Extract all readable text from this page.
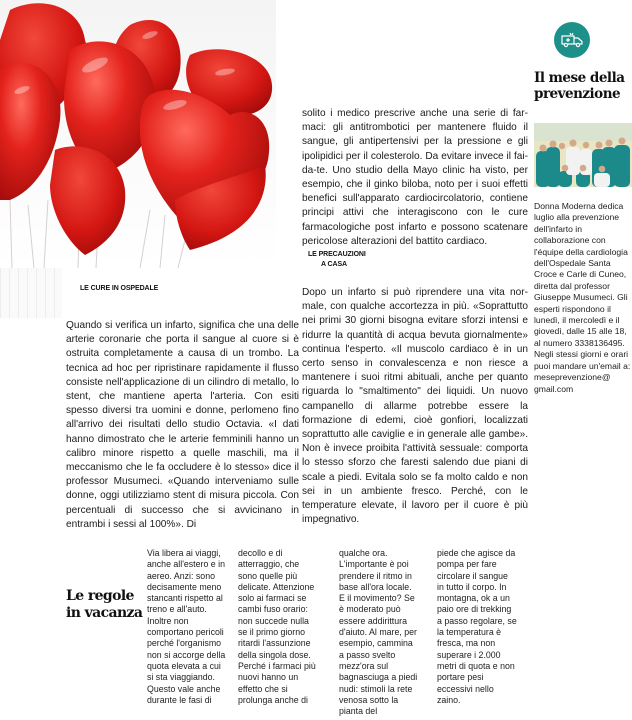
LE CURE IN OSPEDALE
LE PRECAUZIONI
A CASA
Quando si verifica un infarto, significa che una delle arterie coronarie che porta il sangue al cuore si è ostruita completamente a causa di un trombo. La tecnica ad hoc per ripristinare rapidamente il flusso consiste nell'applicazione di un cilindro di metallo, lo stent, che mantiene aperta l'arteria. Con esiti spesso diversi tra uomini e donne, perlomeno fino all'arrivo dei risultati dello studio Octavia. «I dati hanno dimostrato che le arterie femminili hanno un calibro minore rispetto a quelle maschili, ma il meccanismo che le fa occludere è lo stesso» dice il professor Musumeci. «Quando interveniamo sulle donne, oggi utilizziamo stent di misura piccola. Con percentuali di successo che si avvicinano in entrambi i sessi al 100%». Di
solito i medico prescrive anche una serie di farmaci: gli antitrombotici per mantenere fluido il sangue, gli antipertensivi per la pressione e gli ipolipidici per il colesterolo. Da evitare invece il fai-da-te. Uno studio della Mayo clinic ha visto, per esempio, che il ginko biloba, noto per i suoi effetti benefici sull'apparato cardiocircolatorio, contiene principi attivi che interagiscono con le cure farmacologiche post infarto e possono scatenare pericolose alterazioni del battito cardiaco.
Dopo un infarto si può riprendere una vita normale, con qualche accortezza in più. «Soprattutto nei primi 30 giorni bisogna evitare sforzi intensi e ridurre la quantità di acqua bevuta giornalmente» continua l'esperto. «Il muscolo cardiaco è in un certo senso in convalescenza e non riesce a mantenere i suoi ritmi abituali, anche per quanto riguarda lo "smaltimento" dei liquidi. Un nuovo campanello di allarme potrebbe essere la formazione di edemi, cioè gonfiori, localizzati soprattutto alle caviglie e in generale alle gambe». Non è invece proibita l'attività sessuale: comporta lo stesso sforzo che faresti salendo due piani di scale a piedi. Evitala solo se fa molto caldo e non sei in un ambiente fresco. Perché, con le temperature elevate, il lavoro per il cuore è più impegnativo.
Il mese della prevenzione
Donna Moderna dedica luglio alla prevenzione dell'infarto in collaborazione con l'équipe della cardiologia dell'Ospedale Santa Croce e Carle di Cuneo, diretta dal professor Giuseppe Musumeci. Gli esperti rispondono il lunedì, il mercoledì e il giovedì, dalle 15 alle 18, al numero 3338136495. Negli stessi giorni e orari puoi mandare un'email a: meseprevenzione@ gmail.com
Le regole
in vacanza
Via libera ai viaggi, anche all'estero e in aereo. Anzi: sono decisamente meno stancanti rispetto al treno e all'auto. Inoltre non comportano pericoli perché l'organismo non si accorge della quota elevata a cui si sta viaggiando. Questo vale anche durante le fasi di
decollo e di atterraggio, che sono quelle più delicate. Attenzione solo ai farmaci se cambi fuso orario: non succede nulla se il primo giorno ritardi l'assunzione della singola dose. Perché i farmaci più nuovi hanno un effetto che si prolunga anche di
qualche ora. L'importante è poi prendere il ritmo in base all'ora locale. E il movimento? Se è moderato può essere addirittura d'aiuto. Al mare, per esempio, cammina a passo svelto mezz'ora sul bagnasciuga a piedi nudi: stimoli la rete venosa sotto la pianta del
piede che agisce da pompa per fare circolare il sangue in tutto il corpo. In montagna, ok a un paio ore di trekking a passo regolare, se la temperatura è fresca, ma non superare i 2.000 metri di quota e non portare pesi eccessivi nello zaino.
